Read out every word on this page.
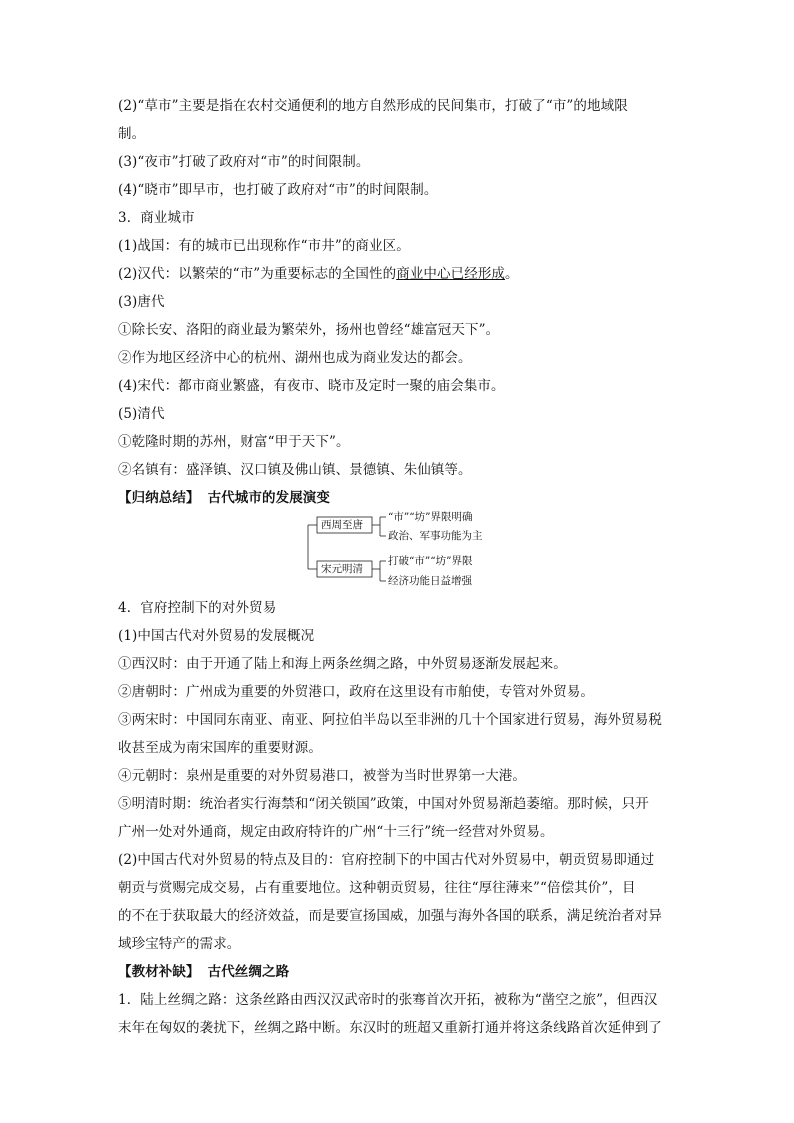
(2)“草市”主要是指在农村交通便利的地方自然形成的民间集市，打破了“市”的地域限
制。
(3)“夜市”打破了政府对“市”的时间限制。
(4)“晓市”即早市，也打破了政府对“市”的时间限制。
3．商业城市
(1)战国：有的城市已出现称作“市井”的商业区。
(2)汉代：以繁荣的“市”为重要标志的全国性的商业中心已经形成。
(3)唐代
①除长安、洛阳的商业最为繁荣外，扬州也曾经“雄富冠天下”。
②作为地区经济中心的杭州、湖州也成为商业发达的都会。
(4)宋代：都市商业繁盛，有夜市、晓市及定时一聚的庙会集市。
(5)清代
①乾隆时期的苏州，财富“甲于天下”。
②名镇有：盛泽镇、汉口镇及佛山镇、景德镇、朱仙镇等。
【归纳总结】 古代城市的发展演变
西周至唐
“市”“坊”界限明确
政治、军事功能为主
宋元明清
打破“市”“坊”界限
经济功能日益增强
4．官府控制下的对外贸易
(1)中国古代对外贸易的发展概况
①西汉时：由于开通了陆上和海上两条丝绸之路，中外贸易逐渐发展起来。
②唐朝时：广州成为重要的外贸港口，政府在这里设有市舶使，专管对外贸易。
③两宋时：中国同东南亚、南亚、阿拉伯半岛以至非洲的几十个国家进行贸易，海外贸易税
收甚至成为南宋国库的重要财源。
④元朝时：泉州是重要的对外贸易港口，被誉为当时世界第一大港。
⑤明清时期：统治者实行海禁和“闭关锁国”政策，中国对外贸易渐趋萎缩。那时候，只开
广州一处对外通商，规定由政府特许的广州“十三行”统一经营对外贸易。
(2)中国古代对外贸易的特点及目的：官府控制下的中国古代对外贸易中，朝贡贸易即通过
朝贡与赏赐完成交易，占有重要地位。这种朝贡贸易，往往“厚往薄来”“倍偿其价”，目
的不在于获取最大的经济效益，而是要宣扬国威，加强与海外各国的联系，满足统治者对异
域珍宝特产的需求。
【教材补缺】 古代丝绸之路
1．陆上丝绸之路：这条丝路由西汉汉武帝时的张骞首次开拓，被称为“凿空之旅”，但西汉
末年在匈奴的袭扰下，丝绸之路中断。东汉时的班超又重新打通并将这条线路首次延伸到了
